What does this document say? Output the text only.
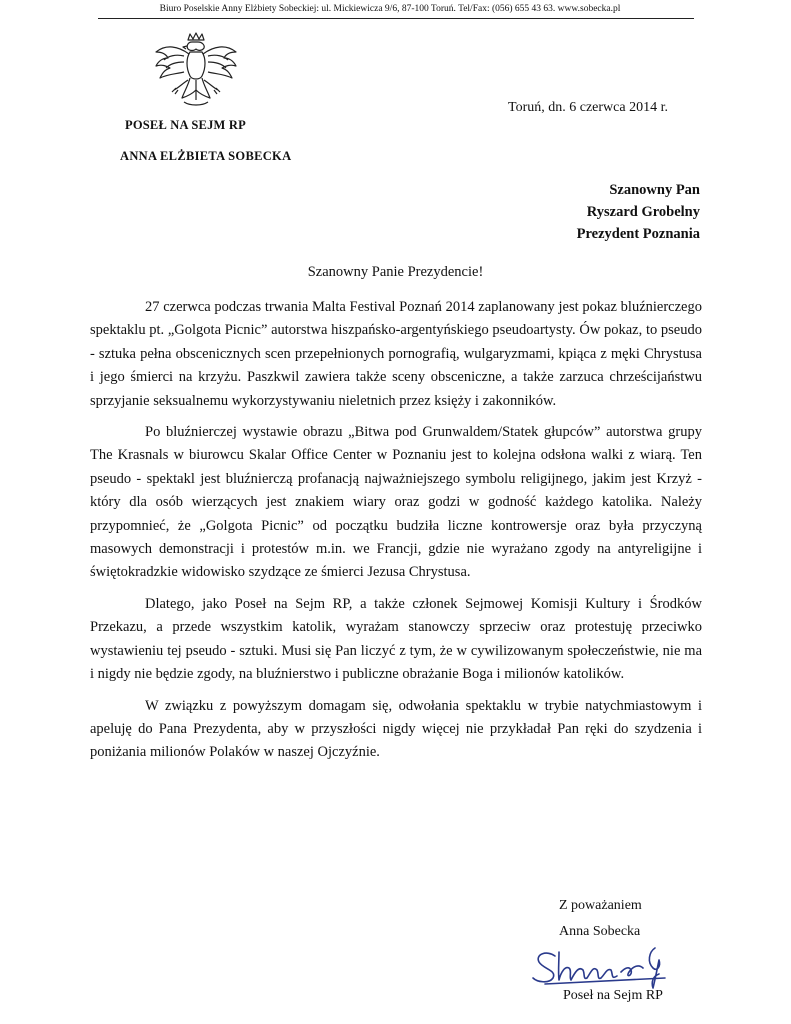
Biuro Poselskie Anny Elżbiety Sobeckiej: ul. Mickiewicza 9/6, 87-100 Toruń. Tel/Fax: (056) 655 43 63. www.sobecka.pl
POSEŁ NA SEJM RP
ANNA ELŻBIETA SOBECKA
Toruń, dn. 6 czerwca 2014 r.
Szanowny Pan
Ryszard Grobelny
Prezydent Poznania
Szanowny Panie Prezydencie!

27 czerwca podczas trwania Malta Festival Poznań 2014 zaplanowany jest pokaz bluźnierczego spektaklu pt. „Golgota Picnic” autorstwa hiszpańsko-argentyńskiego pseudoartysty. Ów pokaz, to pseudo - sztuka pełna obscenicznych scen przepełnionych pornografią, wulgaryzmami, kpiąca z męki Chrystusa i jego śmierci na krzyżu. Paszkwil zawiera także sceny obsceniczne, a także zarzuca chrześcijaństwu sprzyjanie seksualnemu wykorzystywaniu nieletnich przez księży i zakonników.

Po bluźnierczej wystawie obrazu „Bitwa pod Grunwaldem/Statek głupców” autorstwa grupy The Krasnals w biurowcu Skalar Office Center w Poznaniu jest to kolejna odsłona walki z wiarą. Ten pseudo - spektakl jest bluźnierczą profanacją najważniejszego symbolu religijnego, jakim jest Krzyż - który dla osób wierzących jest znakiem wiary oraz godzi w godność każdego katolika. Należy przypomnieć, że „Golgota Picnic” od początku budziła liczne kontrowersje oraz była przyczyną masowych demonstracji i protestów m.in. we Francji, gdzie nie wyrażano zgody na antyreligijne i świętokradzkie widowisko szydzące ze śmierci Jezusa Chrystusa.

Dlatego, jako Poseł na Sejm RP, a także członek Sejmowej Komisji Kultury i Środków Przekazu, a przede wszystkim katolik, wyrażam stanowczy sprzeciw oraz protestuję przeciwko wystawieniu tej pseudo - sztuki. Musi się Pan liczyć z tym, że w cywilizowanym społeczeństwie, nie ma i nigdy nie będzie zgody, na bluźnierstwo i publiczne obrażanie Boga i milionów katolików.

W związku z powyższym domagam się, odwołania spektaklu w trybie natychmiastowym i apeluję do Pana Prezydenta, aby w przyszłości nigdy więcej nie przykładał Pan ręki do szydzenia i poniżania milionów Polaków w naszej Ojczyźnie.

Z poważaniem
Anna Sobecka
Poseł na Sejm RP
